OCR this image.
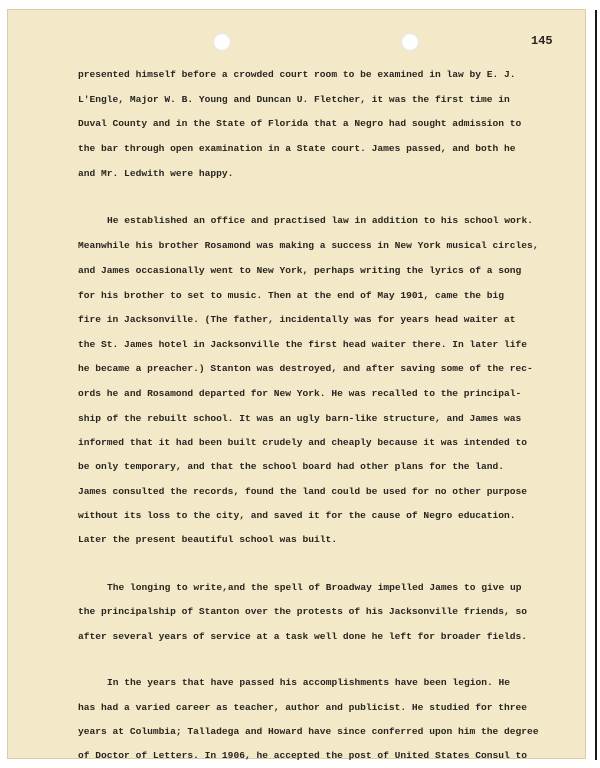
145
presented himself before a crowded court room to be examined in law by E. J.
L'Engle, Major W. B. Young and Duncan U. Fletcher, it was the first time in
Duval County and in the State of Florida that a Negro had sought admission to
the bar through open examination in a State court. James passed, and both he
and Mr. Ledwith were happy.
He established an office and practised law in addition to his school work.
Meanwhile his brother Rosamond was making a success in New York musical circles,
and James occasionally went to New York, perhaps writing the lyrics of a song
for his brother to set to music. Then at the end of May 1901, came the big
fire in Jacksonville. (The father, incidentally was for years head waiter at
the St. James hotel in Jacksonville the first head waiter there. In later life
he became a preacher.) Stanton was destroyed, and after saving some of the rec-
ords he and Rosamond departed for New York. He was recalled to the principal-
ship of the rebuilt school. It was an ugly barn-like structure, and James was
informed that it had been built crudely and cheaply because it was intended to
be only temporary, and that the school board had other plans for the land.
James consulted the records, found the land could be used for no other purpose
without its loss to the city, and saved it for the cause of Negro education.
Later the present beautiful school was built.
The longing to write,and the spell of Broadway impelled James to give up
the principalship of Stanton over the protests of his Jacksonville friends, so
after several years of service at a task well done he left for broader fields.
In the years that have passed his accomplishments have been legion. He
has had a varied career as teacher, author and publicist. He studied for three
years at Columbia; Talladega and Howard have since conferred upon him the degree
of Doctor of Letters. In 1906, he accepted the post of United States Consul to
